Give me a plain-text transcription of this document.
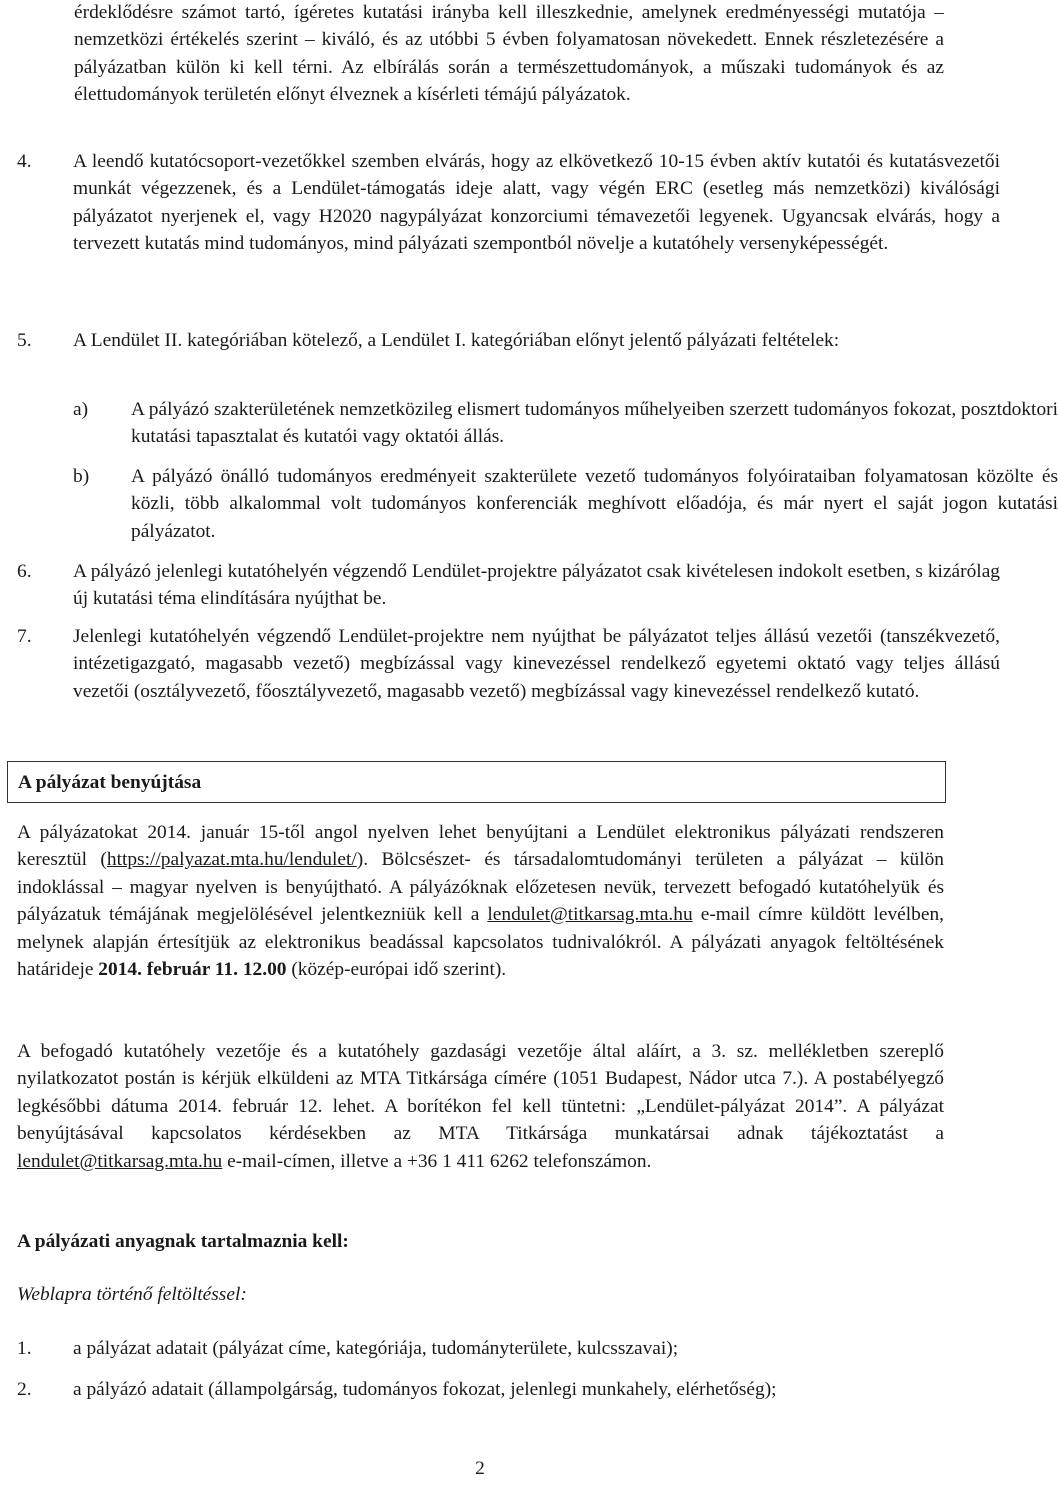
érdeklődésre számot tartó, ígéretes kutatási irányba kell illeszkednie, amelynek eredményességi mutatója – nemzetközi értékelés szerint – kiváló, és az utóbbi 5 évben folyamatosan növekedett. Ennek részletezésére a pályázatban külön ki kell térni. Az elbírálás során a természettudományok, a műszaki tudományok és az élettudományok területén előnyt élveznek a kísérleti témájú pályázatok.

4. A leendő kutatócsoport-vezetőkkel szemben elvárás, hogy az elkövetkező 10-15 évben aktív kutatói és kutatásvezetői munkát végezzenek, és a Lendület-támogatás ideje alatt, vagy végén ERC (esetleg más nemzetközi) kiválósági pályázatot nyerjenek el, vagy H2020 nagypályázat konzorciumi témavezetői legyenek. Ugyancsak elvárás, hogy a tervezett kutatás mind tudományos, mind pályázati szempontból növelje a kutatóhely versenyképességét.

5. A Lendület II. kategóriában kötelező, a Lendület I. kategóriában előnyt jelentő pályázati feltételek:

a) A pályázó szakterületének nemzetközileg elismert tudományos műhelyeiben szerzett tudományos fokozat, posztdoktori kutatási tapasztalat és kutatói vagy oktatói állás.

b) A pályázó önálló tudományos eredményeit szakterülete vezető tudományos folyóirataiban folyamatosan közölte és közli, több alkalommal volt tudományos konferenciák meghívott előadója, és már nyert el saját jogon kutatási pályázatot.

6. A pályázó jelenlegi kutatóhelyén végzendő Lendület-projektre pályázatot csak kivételesen indokolt esetben, s kizárólag új kutatási téma elindítására nyújthat be.

7. Jelenlegi kutatóhelyén végzendő Lendület-projektre nem nyújthat be pályázatot teljes állású vezetői (tanszékvezető, intézetigazgató, magasabb vezető) megbízással vagy kinevezéssel rendelkező egyetemi oktató vagy teljes állású vezetői (osztályvezető, főosztályvezető, magasabb vezető) megbízással vagy kinevezéssel rendelkező kutató.

A pályázat benyújtása

A pályázatokat 2014. január 15-től angol nyelven lehet benyújtani a Lendület elektronikus pályázati rendszeren keresztül (https://palyazat.mta.hu/lendulet/). Bölcsészet- és társadalomtudományi területen a pályázat – külön indoklással – magyar nyelven is benyújtható. A pályázóknak előzetesen nevük, tervezett befogadó kutatóhelyük és pályázatuk témájának megjelölésével jelentkezniük kell a lendulet@titkarsag.mta.hu e-mail címre küldött levélben, melynek alapján értesítjük az elektronikus beadással kapcsolatos tudnivalókról. A pályázati anyagok feltöltésének határideje 2014. február 11. 12.00 (közép-európai idő szerint).

A befogadó kutatóhely vezetője és a kutatóhely gazdasági vezetője által aláírt, a 3. sz. mellékletben szereplő nyilatkozatot postán is kérjük elküldeni az MTA Titkársága címére (1051 Budapest, Nádor utca 7.). A postabélyegző legkésőbbi dátuma 2014. február 12. lehet. A borítékon fel kell tüntetni: „Lendület-pályázat 2014”. A pályázat benyújtásával kapcsolatos kérdésekben az MTA Titkársága munkatársai adnak tájékoztatást a lendulet@titkarsag.mta.hu e-mail-címen, illetve a +36 1 411 6262 telefonszámon.

A pályázati anyagnak tartalmaznia kell:

Weblapra történő feltöltéssel:

1. a pályázat adatait (pályázat címe, kategóriája, tudományterülete, kulcsszavai);

2. a pályázó adatait (állampolgárság, tudományos fokozat, jelenlegi munkahely, elérhetőség);

2
